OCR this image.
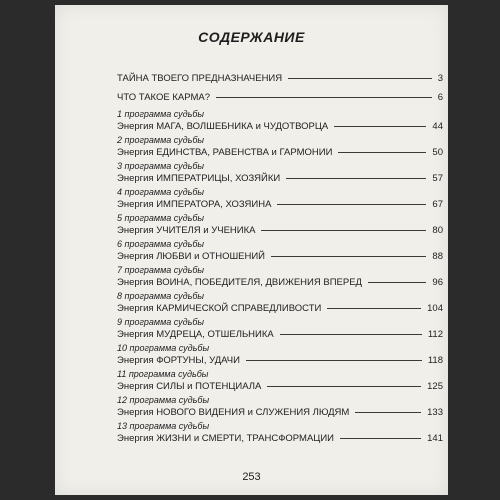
СОДЕРЖАНИЕ
ТАЙНА ТВОЕГО ПРЕДНАЗНАЧЕНИЯ	3
ЧТО ТАКОЕ КАРМА?	6
1 программа судьбы
Энергия МАГА, ВОЛШЕБНИКА и ЧУДОТВОРЦА	44
2 программа судьбы
Энергия ЕДИНСТВА, РАВЕНСТВА и ГАРМОНИИ	50
3 программа судьбы
Энергия ИМПЕРАТРИЦЫ, ХОЗЯЙКИ	57
4 программа судьбы
Энергия ИМПЕРАТОРА, ХОЗЯИНА	67
5 программа судьбы
Энергия УЧИТЕЛЯ и УЧЕНИКА	80
6 программа судьбы
Энергия ЛЮБВИ и ОТНОШЕНИЙ	88
7 программа судьбы
Энергия ВОИНА, ПОБЕДИТЕЛЯ, ДВИЖЕНИЯ ВПЕРЕД	96
8 программа судьбы
Энергия КАРМИЧЕСКОЙ СПРАВЕДЛИВОСТИ	104
9 программа судьбы
Энергия МУДРЕЦА, ОТШЕЛЬНИКА	112
10 программа судьбы
Энергия ФОРТУНЫ, УДАЧИ	118
11 программа судьбы
Энергия СИЛЫ и ПОТЕНЦИАЛА	125
12 программа судьбы
Энергия НОВОГО ВИДЕНИЯ и СЛУЖЕНИЯ ЛЮДЯМ	133
13 программа судьбы
Энергия ЖИЗНИ и СМЕРТИ, ТРАНСФОРМАЦИИ	141
253
